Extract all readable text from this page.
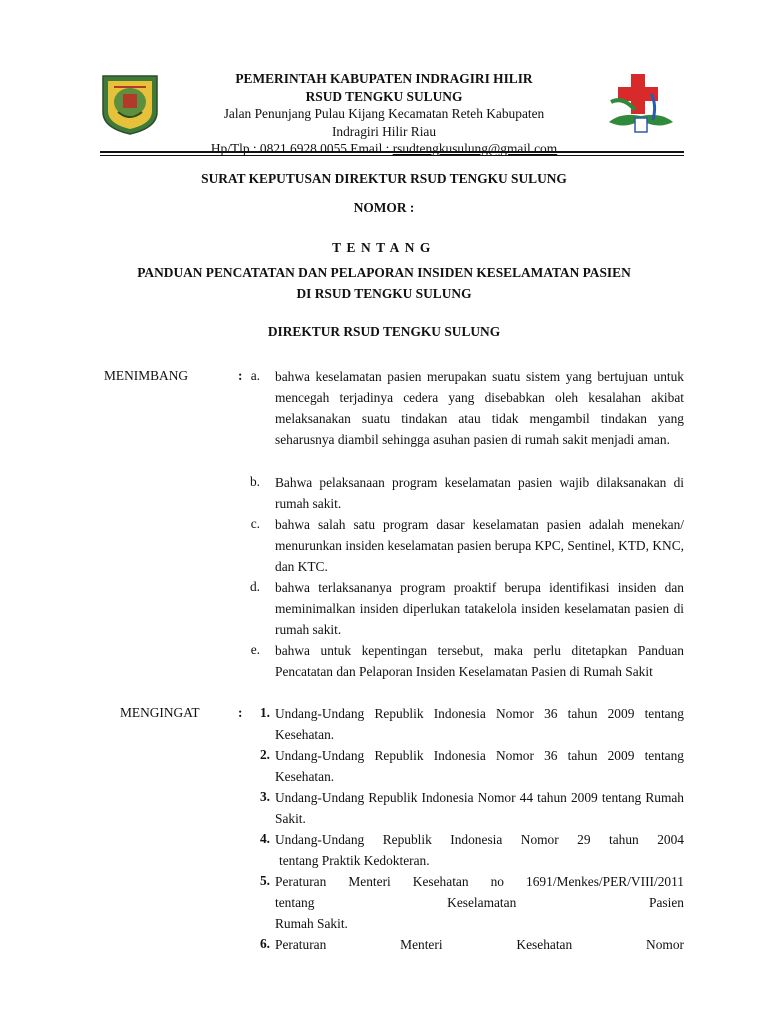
PEMERINTAH KABUPATEN INDRAGIRI HILIR
RSUD TENGKU SULUNG
Jalan Penunjang Pulau Kijang Kecamatan Reteh Kabupaten
Indragiri Hilir Riau
Hp/Tlp : 0821 6928 0055 Email : rsudtengkusulung@gmail.com
SURAT KEPUTUSAN DIREKTUR RSUD TENGKU SULUNG
NOMOR :
TENTANG
PANDUAN PENCATATAN DAN PELAPORAN INSIDEN KESELAMATAN PASIEN
DI RSUD TENGKU SULUNG
DIREKTUR RSUD TENGKU SULUNG
MENIMBANG	: a. bahwa keselamatan pasien merupakan suatu sistem yang bertujuan untuk mencegah terjadinya cedera yang disebabkan oleh kesalahan akibat melaksanakan suatu tindakan atau tidak mengambil tindakan yang seharusnya diambil sehingga asuhan pasien di rumah sakit menjadi aman.
b. Bahwa pelaksanaan program keselamatan pasien wajib dilaksanakan di rumah sakit.
c. bahwa salah satu program dasar keselamatan pasien adalah menekan/ menurunkan insiden keselamatan pasien berupa KPC, Sentinel, KTD, KNC, dan KTC.
d. bahwa terlaksananya program proaktif berupa identifikasi insiden dan meminimalkan insiden diperlukan tatakelola insiden keselamatan pasien di rumah sakit.
e. bahwa untuk kepentingan tersebut, maka perlu ditetapkan Panduan Pencatatan dan Pelaporan Insiden Keselamatan Pasien di Rumah Sakit
MENGINGAT	:	1. Undang-Undang Republik Indonesia Nomor 36 tahun 2009 tentang Kesehatan.
2. Undang-Undang Republik Indonesia Nomor 36 tahun 2009 tentang Kesehatan.
3. Undang-Undang Republik Indonesia Nomor 44 tahun 2009 tentang Rumah Sakit.
4. Undang-Undang Republik Indonesia Nomor 29 tahun 2004
tentang Praktik Kedokteran.
5. Peraturan Menteri Kesehatan no 1691/Menkes/PER/VIII/2011
tentang Keselamatan Pasien
Rumah Sakit.
6. Peraturan Menteri Kesehatan Nomor
